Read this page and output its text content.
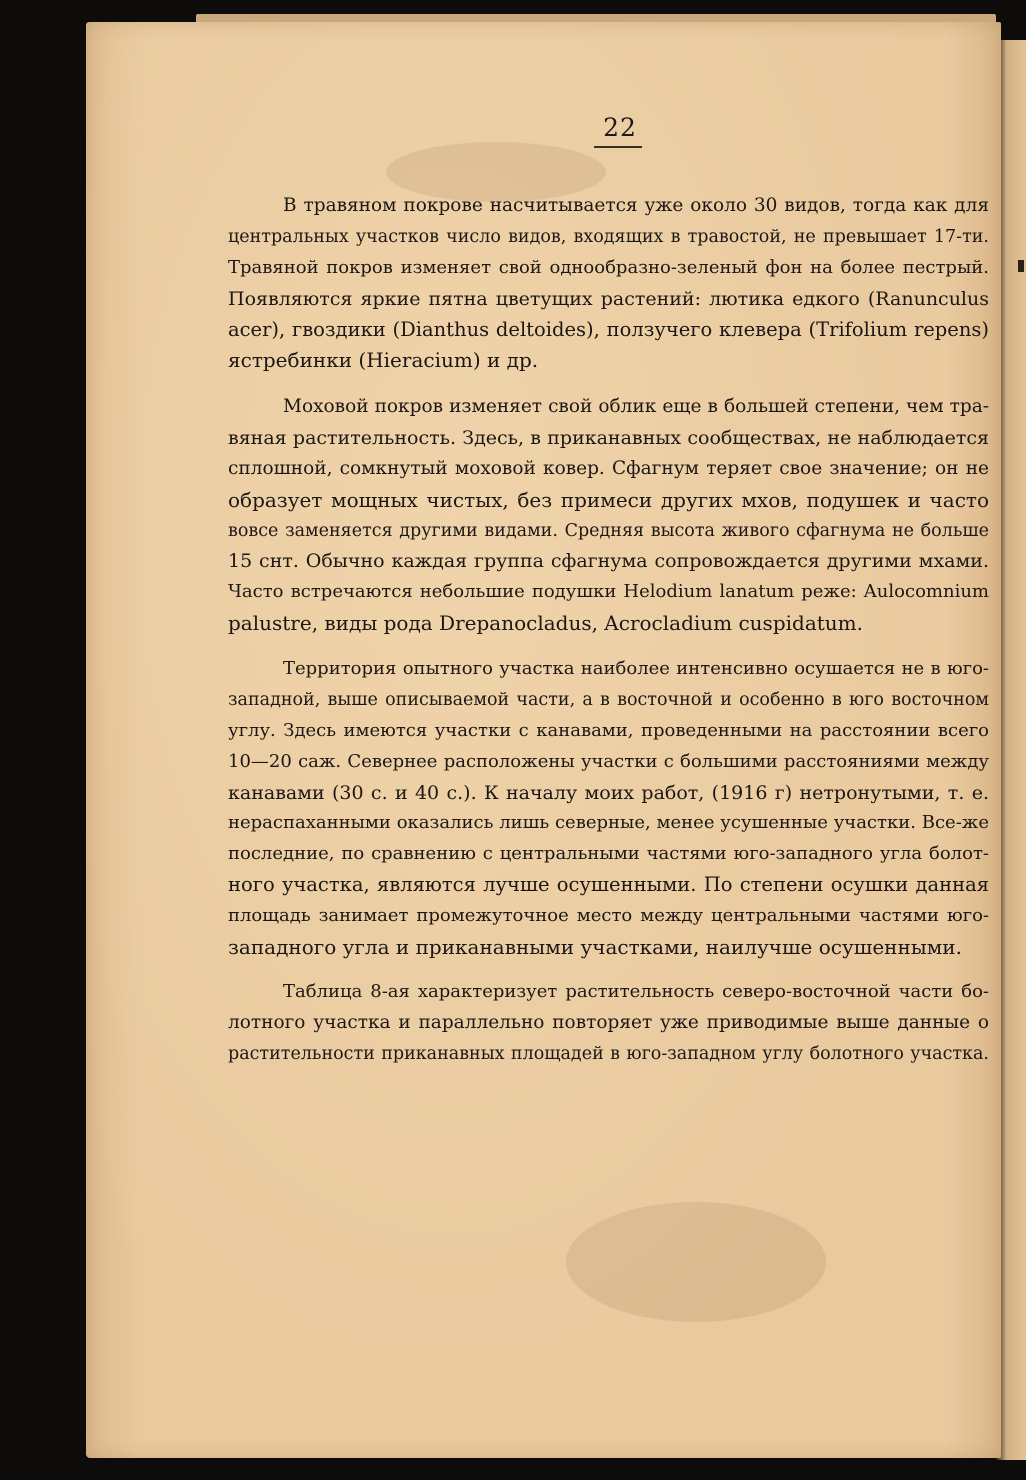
22
В травяном покрове насчитывается уже около 30 видов, тогда как для
центральных участков число видов, входящих в травостой, не превышает 17-ти.
Травяной покров изменяет свой однообразно-зеленый фон на более пестрый.
Появляются яркие пятна цветущих растений: лютика едкого (Ranunculus
acer), гвоздики (Dianthus deltoides), ползучего клевера (Trifolium repens)
ястребинки (Hieracium) и др.
Моховой покров изменяет свой облик еще в большей степени, чем тра-
вяная растительность. Здесь, в приканавных сообществах, не наблюдается
сплошной, сомкнутый моховой ковер. Сфагнум теряет свое значение; он не
образует мощных чистых, без примеси других мхов, подушек и часто
вовсе заменяется другими видами. Средняя высота живого сфагнума не больше
15 снт. Обычно каждая группа сфагнума сопровождается другими мхами.
Часто встречаются небольшие подушки Helodium lanatum реже: Aulocomnium
palustre, виды рода Drepanocladus, Acrocladium cuspidatum.
Территория опытного участка наиболее интенсивно осушается не в юго-
западной, выше описываемой части, а в восточной и особенно в юго восточном
углу. Здесь имеются участки с канавами, проведенными на расстоянии всего
10—20 саж. Севернее расположены участки с большими расстояниями между
канавами (30 с. и 40 с.). К началу моих работ, (1916 г) нетронутыми, т. е.
нераспаханными оказались лишь северные, менее усушенные участки. Все-же
последние, по сравнению с центральными частями юго-западного угла болот-
ного участка, являются лучше осушенными. По степени осушки данная
площадь занимает промежуточное место между центральными частями юго-
западного угла и приканавными участками, наилучше осушенными.
Таблица 8-ая характеризует растительность северо-восточной части бо-
лотного участка и параллельно повторяет уже приводимые выше данные о
растительности приканавных площадей в юго-западном углу болотного участка.
